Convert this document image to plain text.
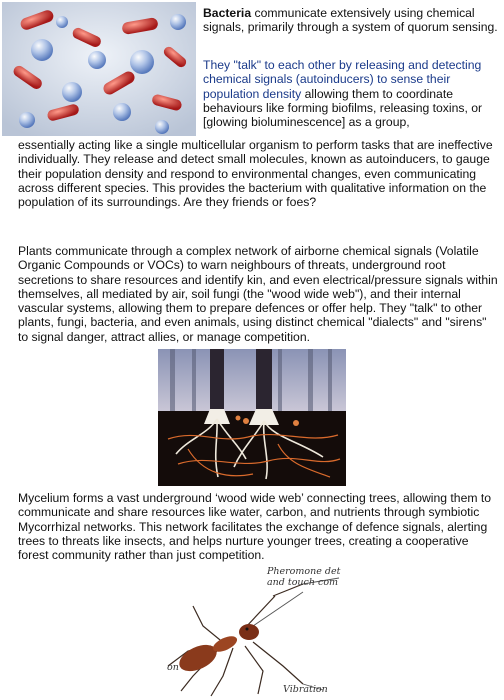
Bacteria communicate extensively using chemical signals, primarily through a system of quorum sensing.
They "talk" to each other by releasing and detecting chemical signals (autoinducers) to sense their population density allowing them to coordinate behaviours like forming biofilms, releasing toxins, or [glowing bioluminescence] as a group,
essentially acting like a single multicellular organism to perform tasks that are ineffective individually. They release and detect small molecules, known as autoinducers, to gauge their population density and respond to environmental changes, even communicating across different species. This provides the bacterium with qualitative information on the population of its surroundings. Are they friends or foes?
Plants communicate through a complex network of airborne chemical signals (Volatile Organic Compounds or VOCs) to warn neighbours of threats, underground root secretions to share resources and identify kin, and even electrical/pressure signals within themselves, all mediated by air, soil fungi (the "wood wide web"), and their internal vascular systems, allowing them to prepare defences or offer help. They "talk" to other plants, fungi, bacteria, and even animals, using distinct chemical "dialects" and "sirens" to signal danger, attract allies, or manage competition.
Mycelium forms a vast underground ‘wood wide web’ connecting trees, allowing them to communicate and share resources like water, carbon, and nutrients through symbiotic Mycorrhizal networks. This network facilitates the exchange of defence signals, alerting trees to threats like insects, and helps nurture younger trees, creating a cooperative forest community rather than just competition.
Pheromone det
and touch com
on
Vibration
